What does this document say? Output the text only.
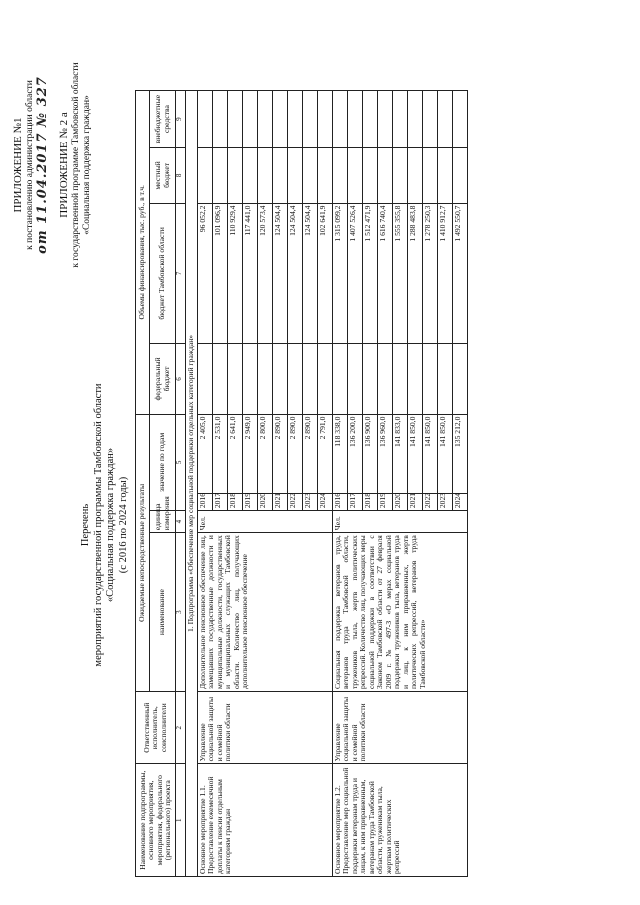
ПРИЛОЖЕНИЕ №1 к постановлению администрации области от 11.04.2017 № 327 ПРИЛОЖЕНИЕ № 2 а к государственной программе Тамбовской области «Социальная поддержка граждан»
Перечень мероприятий государственной программы Тамбовской области «Социальная поддержка граждан» (с 2016 по 2024 годы)
Наименование подпрограммы, основного мероприятия, мероприятия, федерального (регионального) проекта	Ответственный исполнитель, соисполнители	Ожидаемые непосредственные результаты				Объемы финансирования, тыс. руб., в т.ч.				
		наименование	единица измерения	значение по годам		федеральный бюджет	бюджет Тамбовской области	местный бюджет	внебюджетные средства	

1	2	3	4	5		6	7	8	9	
1. Подпрограмма «Обеспечение мер социальной поддержки отдельных категорий граждан»										
Основное мероприятие 1.1. Предоставление ежемесячной доплаты к пенсии отдельным категориям граждан	Управление социальной защиты и семейной политики области	Дополнительное пенсионное обеспечение лиц, замещавших государственные должности и муниципальные должности, государственных и муниципальных служащих Тамбовской области. Количество лиц, получающих дополнительное пенсионное обеспечение	Чел.	2016	2 405,0		96 052,2			
				2017	2 531,0		101 096,9			
				2018	2 641,0		110 929,4			
				2019	2 949,0		117 441,0			
				2020	2 800,0		120 573,4			
				2021	2 890,0		124 504,4			
				2022	2 890,0		124 504,4			
				2023	2 890,0		124 504,4			
				2024	2 791,0		102 641,9			
Основное мероприятие 1.2. Предоставление мер социальной поддержки ветеранам труда и лицам, к ним приравненным, ветеранам труда Тамбовской области, труженикам тыла, жертвам политических репрессий	Управление социальной защиты и семейной политики области	Социальная поддержка ветеранов труда, ветеранов труда Тамбовской области, тружеников тыла, жертв политических репрессий. Количество лиц, получающих меры социальной поддержки в соответствии с Законом Тамбовской области от 27 февраля 2009 г. № 497-З «О мерах социальной поддержки тружеников тыла, ветеранов труда и лиц, к ним приравненных, жертв политических репрессий, ветеранов труда Тамбовской области»	Чел.	2016	118 338,0		1 315 099,2			
				2017	136 200,0		1 407 526,4			
				2018	136 900,0		1 512 471,9			
				2019	136 960,0		1 616 740,4			
				2020	141 833,0		1 555 355,8			
				2021	141 850,0		1 288 483,8			
				2022	141 850,0		1 278 250,3			
				2023	141 850,0		1 410 912,7			
				2024	135 212,0		1 492 550,7			
